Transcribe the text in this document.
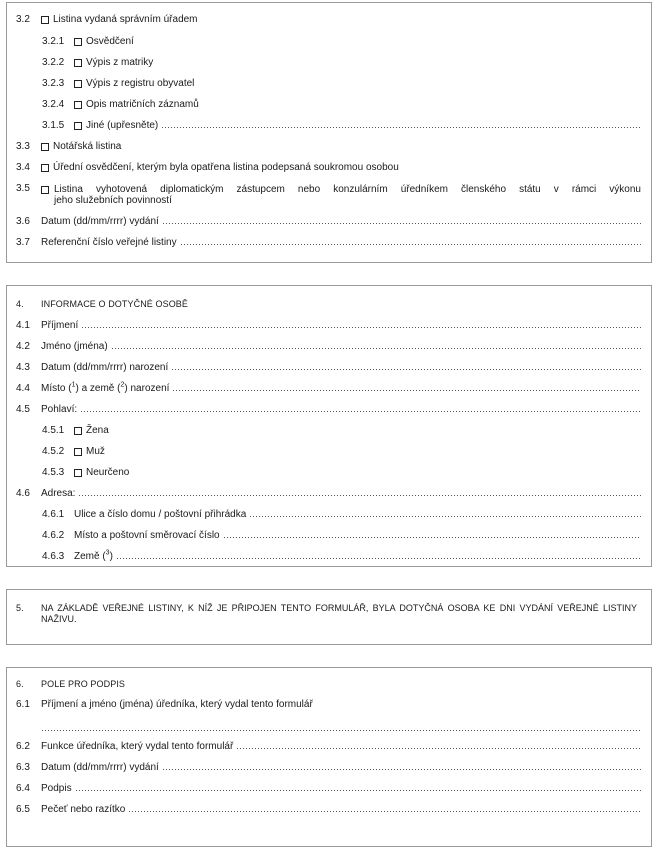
3.2 Listina vydaná správním úřadem
3.2.1 Osvědčení
3.2.2 Výpis z matriky
3.2.3 Výpis z registru obyvatel
3.2.4 Opis matričních záznamů
3.1.5 Jiné (upřesněte)
3.3 Notářská listina
3.4 Úřední osvědčení, kterým byla opatřena listina podepsaná soukromou osobou
3.5	Listina vyhotovená diplomatickým zástupcem nebo konzulárním úředníkem členského státu v rámci výkonu
jeho služebních povinností
3.6 Datum (dd/mm/rrrr) vydání
3.7 Referenční číslo veřejné listiny
4. INFORMACE O DOTYČNÉ OSOBĚ
4.1 Příjmení
4.2 Jméno (jména)
4.3 Datum (dd/mm/rrrr) narození
4.4 Místo ($^1$) a země ($^2$) narození
4.5 Pohlaví:
4.5.1 Žena
4.5.2 Muž
4.5.3 Neurčeno
4.6 Adresa:
4.6.1 Ulice a číslo domu / poštovní přihrádka
4.6.2 Místo a poštovní směrovací číslo
4.6.3 Země ($^3$)
5. NA ZÁKLADĚ VEŘEJNÉ LISTINY, K NÍŽ JE PŘIPOJEN TENTO FORMULÁŘ, BYLA DOTYČNÁ OSOBA KE DNI VYDÁNÍ VEŘEJNÉ LISTINY NAŽIVU.
6. POLE PRO PODPIS
6.1 Příjmení a jméno (jména) úředníka, který vydal tento formulář
6.2 Funkce úředníka, který vydal tento formulář
6.3 Datum (dd/mm/rrrr) vydání
6.4 Podpis
6.5 Pečeť nebo razítko
